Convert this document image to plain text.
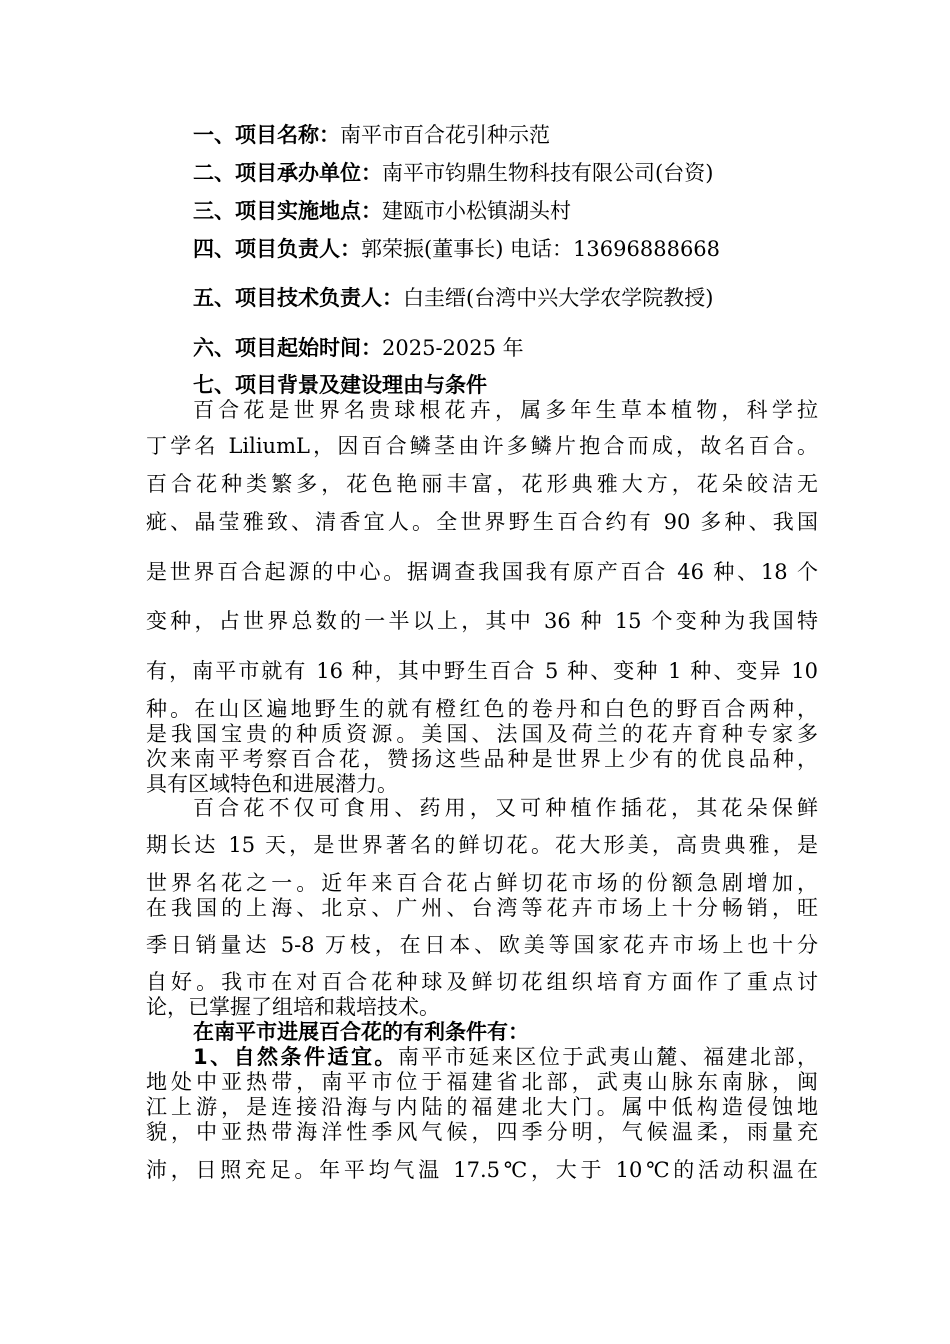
一、项目名称：南平市百合花引种示范

二、项目承办单位：南平市钧鼎生物科技有限公司(台资)

三、项目实施地点：建瓯市小松镇湖头村

四、项目负责人：郭荣振(董事长) 电话：13696888668

五、项目技术负责人：白圭缙(台湾中兴大学农学院教授)

六、项目起始时间：2025-2025 年

七、项目背景及建设理由与条件

百合花是世界名贵球根花卉，属多年生草本植物，科学拉

丁学名 LiliumL，因百合鳞茎由许多鳞片抱合而成，故名百合。

百合花种类繁多，花色艳丽丰富，花形典雅大方，花朵皎洁无

疵、晶莹雅致、清香宜人。全世界野生百合约有 90 多种、我国

是世界百合起源的中心。据调查我国我有原产百合 46 种、18 个

变种，占世界总数的一半以上，其中 36 种 15 个变种为我国特

有，南平市就有 16 种，其中野生百合 5 种、变种 1 种、变异 10

种。在山区遍地野生的就有橙红色的卷丹和白色的野百合两种，

是我国宝贵的种质资源。美国、法国及荷兰的花卉育种专家多

次来南平考察百合花，赞扬这些品种是世界上少有的优良品种，

具有区域特色和进展潜力。

百合花不仅可食用、药用，又可种植作插花，其花朵保鲜

期长达 15 天，是世界著名的鲜切花。花大形美，高贵典雅，是

世界名花之一。近年来百合花占鲜切花市场的份额急剧增加，

在我国的上海、北京、广州、台湾等花卉市场上十分畅销，旺

季日销量达 5-8 万枝，在日本、欧美等国家花卉市场上也十分

自好。我市在对百合花种球及鲜切花组织培育方面作了重点讨

论，已掌握了组培和栽培技术。

在南平市进展百合花的有利条件有：

1、自然条件适宜。南平市延来区位于武夷山麓、福建北部，

地处中亚热带，南平市位于福建省北部，武夷山脉东南脉，闽

江上游，是连接沿海与内陆的福建北大门。属中低构造侵蚀地

貌，中亚热带海洋性季风气候，四季分明，气候温柔，雨量充

沛，日照充足。年平均气温 17.5℃，大于 10℃的活动积温在
